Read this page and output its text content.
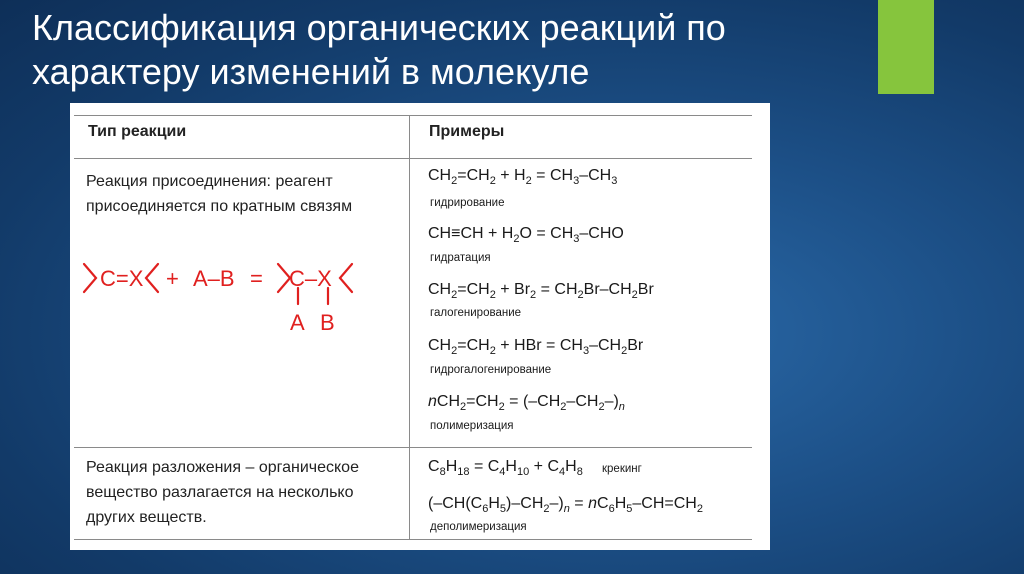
Классификация органических реакций по
характеру изменений в молекуле
Тип реакции	Примеры
Реакция присоединения: реагент присоединяется по кратным связям
C=X + A–B = C–X
A B
$CH_2=CH_2 + H_2 = CH_3-CH_3$
гидрирование
$CH\equiv CH + H_2O = CH_3-CHO$
гидратация
$CH_2=CH_2 + Br_2 = CH_2Br-CH_2Br$
галогенирование
$CH_2=CH_2$ + HBr = $CH_3-CH_2Br$
гидрогалогенирование
$nCH_2=CH_2 = (-CH_2-CH_2-)_n$
полимеризация
Реакция разложения – органическое вещество разлагается на несколько других веществ.
$C_8H_{18} = C_4H_{10} + C_4H_8$ крекинг
$(-CH(C_6H_5)-CH_2-)_n = nC_6H_5-CH=CH_2$
деполимеризация
